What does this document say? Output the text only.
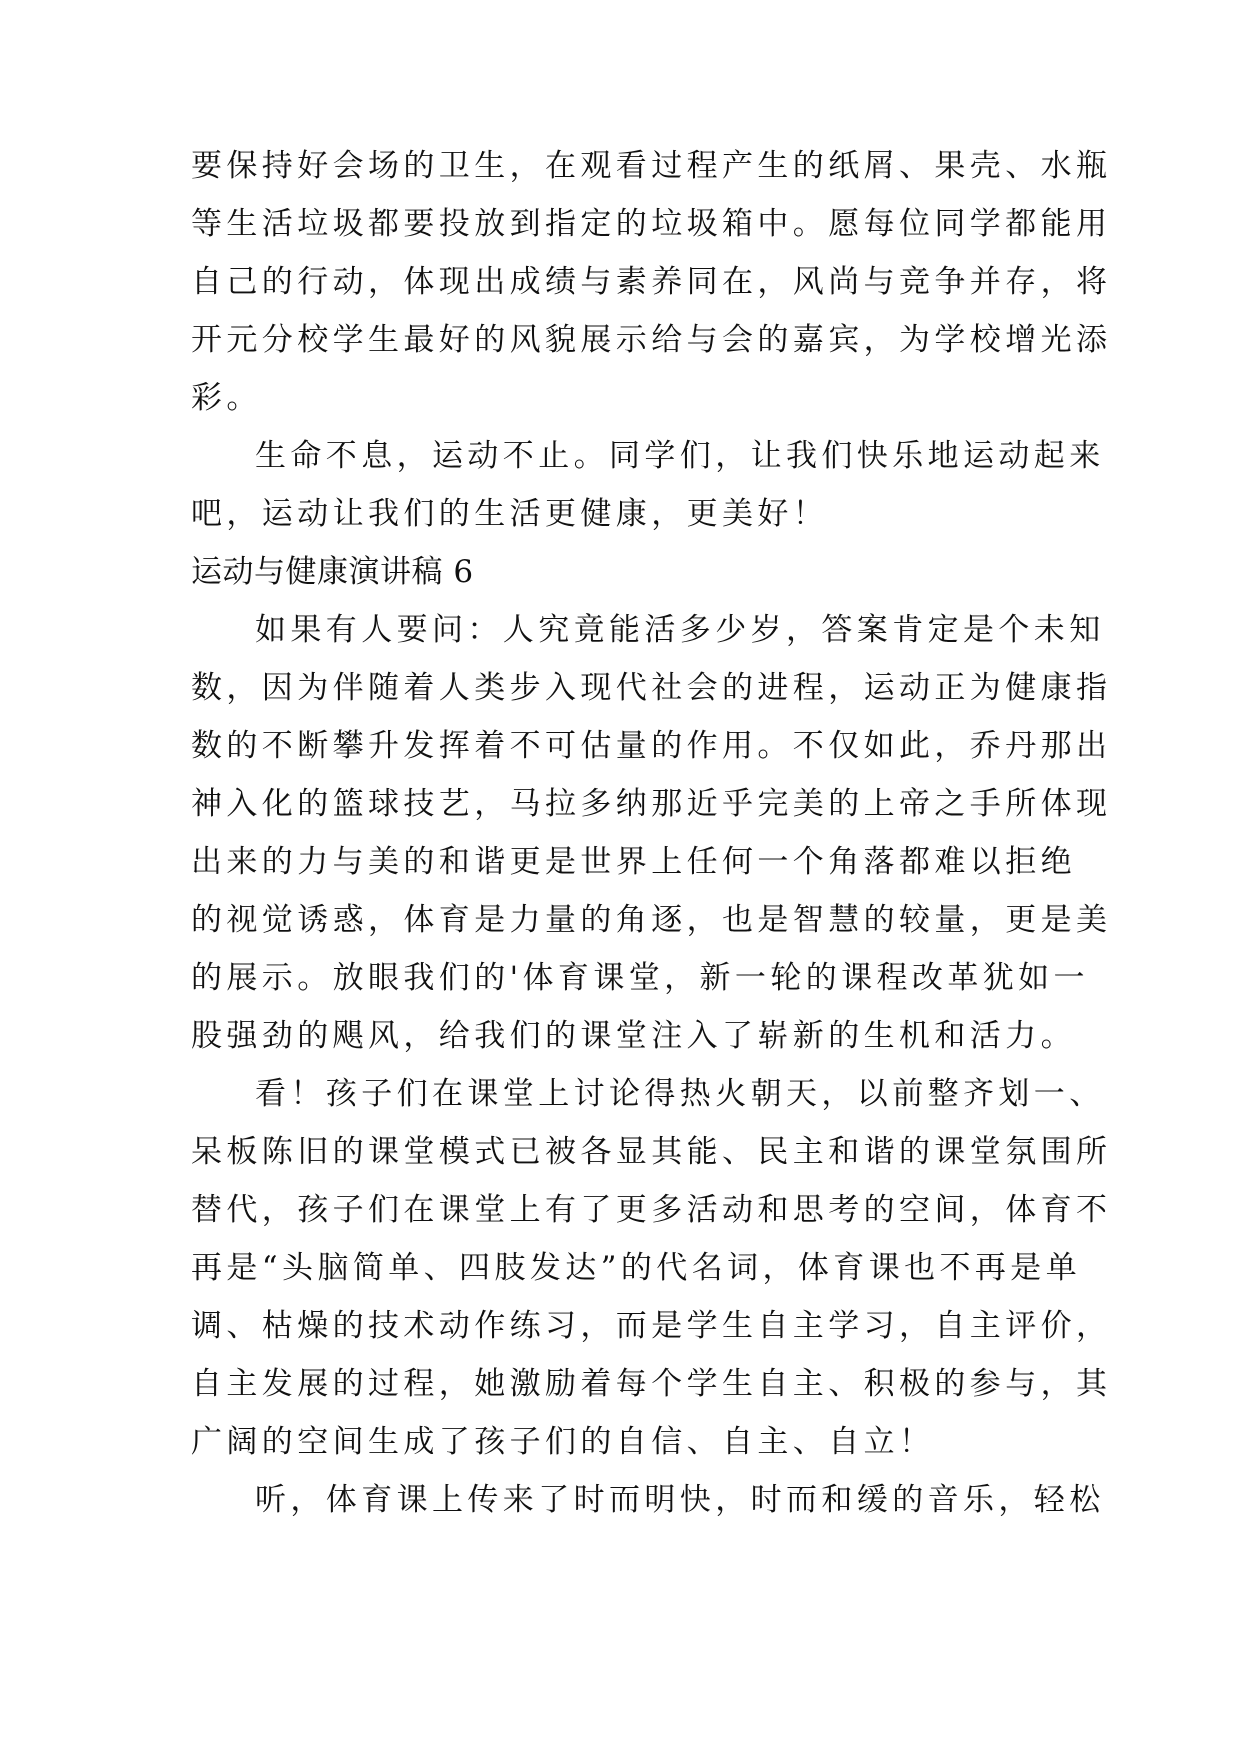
要保持好会场的卫生，在观看过程产生的纸屑、果壳、水瓶
等生活垃圾都要投放到指定的垃圾箱中。愿每位同学都能用
自己的行动，体现出成绩与素养同在，风尚与竞争并存，将
开元分校学生最好的风貌展示给与会的嘉宾，为学校增光添
彩。
生命不息，运动不止。同学们，让我们快乐地运动起来
吧，运动让我们的生活更健康，更美好！
运动与健康演讲稿 6
如果有人要问：人究竟能活多少岁，答案肯定是个未知
数，因为伴随着人类步入现代社会的进程，运动正为健康指
数的不断攀升发挥着不可估量的作用。不仅如此，乔丹那出
神入化的篮球技艺，马拉多纳那近乎完美的上帝之手所体现
出来的力与美的和谐更是世界上任何一个角落都难以拒绝
的视觉诱惑，体育是力量的角逐，也是智慧的较量，更是美
的展示。放眼我们的'体育课堂，新一轮的课程改革犹如一
股强劲的飓风，给我们的课堂注入了崭新的生机和活力。
看！孩子们在课堂上讨论得热火朝天，以前整齐划一、
呆板陈旧的课堂模式已被各显其能、民主和谐的课堂氛围所
替代，孩子们在课堂上有了更多活动和思考的空间，体育不
再是“头脑简单、四肢发达”的代名词，体育课也不再是单
调、枯燥的技术动作练习，而是学生自主学习，自主评价，
自主发展的过程，她激励着每个学生自主、积极的参与，其
广阔的空间生成了孩子们的自信、自主、自立！
听，体育课上传来了时而明快，时而和缓的音乐，轻松
